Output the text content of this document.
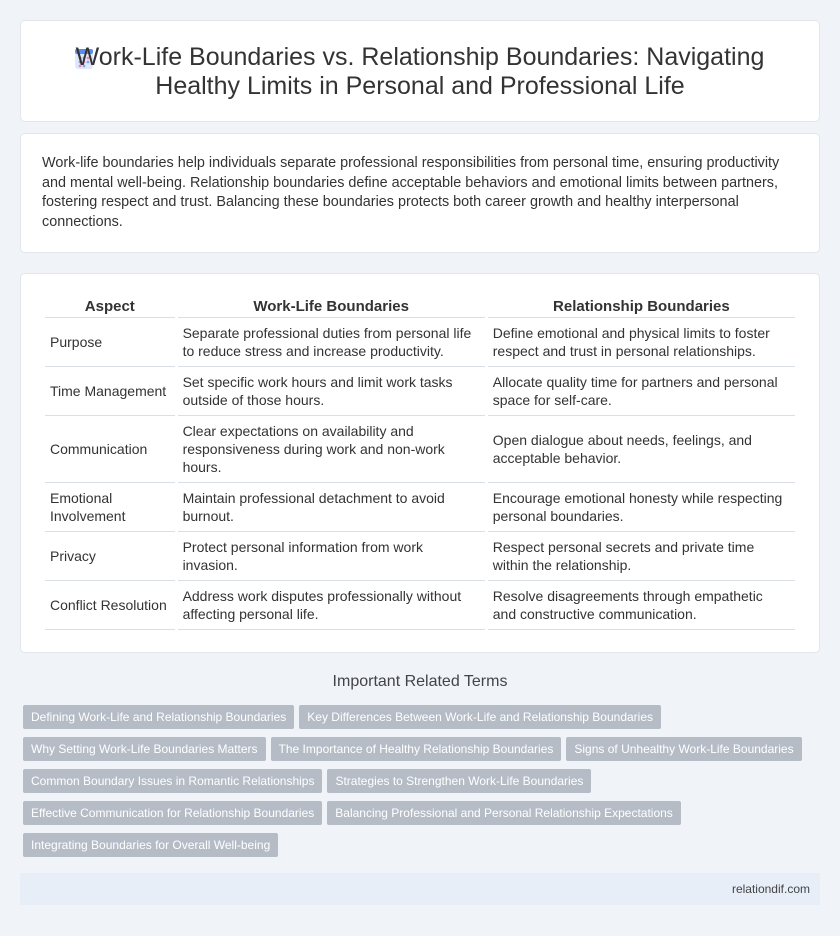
Work-Life Boundaries vs. Relationship Boundaries: Navigating Healthy Limits in Personal and Professional Life

Work-life boundaries help individuals separate professional responsibilities from personal time, ensuring productivity and mental well-being. Relationship boundaries define acceptable behaviors and emotional limits between partners, fostering respect and trust. Balancing these boundaries protects both career growth and healthy interpersonal connections.

Aspect	Work-Life Boundaries	Relationship Boundaries
Purpose	Separate professional duties from personal life to reduce stress and increase productivity.	Define emotional and physical limits to foster respect and trust in personal relationships.
Time Management	Set specific work hours and limit work tasks outside of those hours.	Allocate quality time for partners and personal space for self-care.
Communication	Clear expectations on availability and responsiveness during work and non-work hours.	Open dialogue about needs, feelings, and acceptable behavior.
Emotional Involvement	Maintain professional detachment to avoid burnout.	Encourage emotional honesty while respecting personal boundaries.
Privacy	Protect personal information from work invasion.	Respect personal secrets and private time within the relationship.
Conflict Resolution	Address work disputes professionally without affecting personal life.	Resolve disagreements through empathetic and constructive communication.
Important Related Terms
Defining Work-Life and Relationship Boundaries Key Differences Between Work-Life and Relationship Boundaries
Why Setting Work-Life Boundaries Matters The Importance of Healthy Relationship Boundaries Signs of Unhealthy Work-Life Boundaries
Common Boundary Issues in Romantic Relationships Strategies to Strengthen Work-Life Boundaries
Effective Communication for Relationship Boundaries Balancing Professional and Personal Relationship Expectations
Integrating Boundaries for Overall Well-being
relationdif.com
